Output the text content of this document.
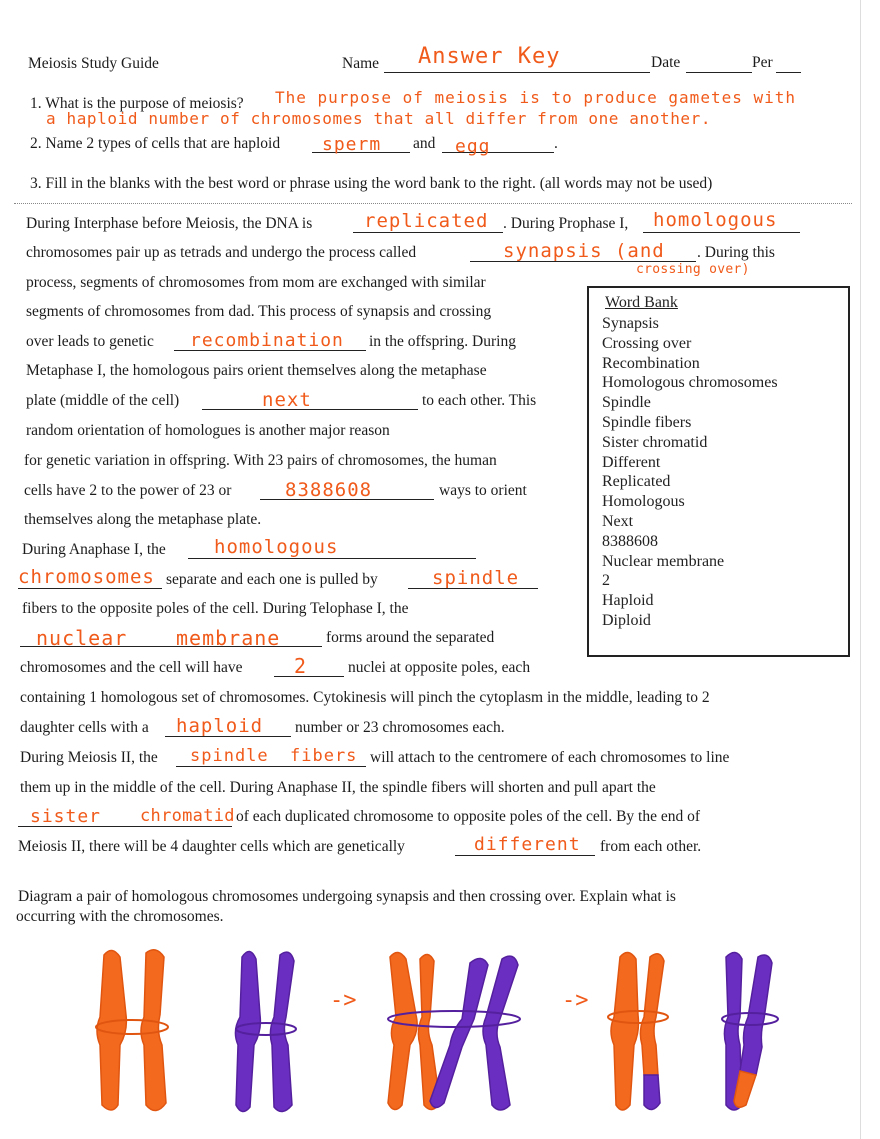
Meiosis Study Guide	Name Answer Key	Date	Per
1. What is the purpose of meiosis? The purpose of meiosis is to produce gametes with
a haploid number of chromosomes that all differ from one another.
2. Name 2 types of cells that are haploid sperm and egg	.
3. Fill in the blanks with the best word or phrase using the word bank to the right. (all words may not be used)
During Interphase before Meiosis, the DNA is	replicated . During Prophase I, homologous
chromosomes pair up as tetrads and undergo the process called	synapsis (and . During this
crossing over)
process, segments of chromosomes from mom are exchanged with similar
segments of chromosomes from dad. This process of synapsis and crossing
over leads to genetic recombination in the offspring. During
Metaphase I, the homologous pairs orient themselves along the metaphase
plate (middle of the cell)	next	to each other. This
random orientation of homologues is another major reason
for genetic variation in offspring. With 23 pairs of chromosomes, the human
cells have 2 to the power of 23 or	8388608	ways to orient
themselves along the metaphase plate.
During Anaphase I, the	homologous
chromosomes separate and each one is pulled by	spindle
fibers to the opposite poles of the cell. During Telophase I, the
nuclear membrane	forms around the separated
chromosomes and the cell will have	2	nuclei at opposite poles, each
containing 1 homologous set of chromosomes. Cytokinesis will pinch the cytoplasm in the middle, leading to 2
daughter cells with a haploid number or 23 chromosomes each.
During Meiosis II, the spindle fibers will attach to the centromere of each chromosomes to line
them up in the middle of the cell. During Anaphase II, the spindle fibers will shorten and pull apart the
sister chromatid of each duplicated chromosome to opposite poles of the cell. By the end of
Meiosis II, there will be 4 daughter cells which are genetically	different from each other.
Word Bank
Synapsis
Crossing over
Recombination
Homologous chromosomes
Spindle
Spindle fibers
Sister chromatid
Different
Replicated
Homologous
Next
8388608
Nuclear membrane
2
Haploid
Diploid
Diagram a pair of homologous chromosomes undergoing synapsis and then crossing over. Explain what is
occurring with the chromosomes.
->	->
